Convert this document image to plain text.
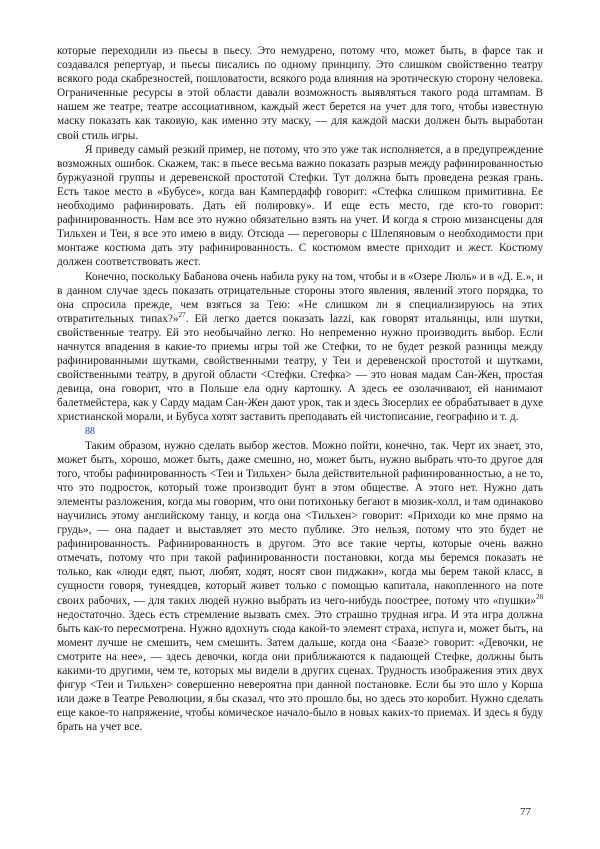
которые переходили из пьесы в пьесу. Это немудрено, потому что, может быть, в фарсе так и создавался репертуар, и пьесы писались по одному принципу. Это слишком свойственно театру всякого рода скабрезностей, пошловатости, всякого рода влияния на эротическую сторону человека. Ограниченные ресурсы в этой области давали возможность выявляться такого рода штампам. В нашем же театре, театре ассоциативном, каждый жест берется на учет для того, чтобы известную маску показать как таковую, как именно эту маску, — для каждой маски должен быть выработан свой стиль игры.

Я приведу самый резкий пример, не потому, что это уже так исполняется, а в предупреждение возможных ошибок. Скажем, так: в пьесе весьма важно показать разрыв между рафинированностью буржуазной группы и деревенской простотой Стефки. Тут должна быть проведена резкая грань. Есть такое место в «Бубусе», когда ван Кампердафф говорит: «Стефка слишком примитивна. Ее необходимо рафинировать. Дать ей полировку». И еще есть место, где кто-то говорит: рафинированность. Нам все это нужно обязательно взять на учет. И когда я строю мизансцены для Тильхен и Теи, я все это имею в виду. Отсюда — переговоры с Шлепяновым о необходимости при монтаже костюма дать эту рафинированность. С костюмом вместе приходит и жест. Костюму должен соответствовать жест.

Конечно, поскольку Бабанова очень набила руку на том, чтобы и в «Озере Люль» и в «Д. Е.», и в данном случае здесь показать отрицательные стороны этого явления, явлений этого порядка, то она спросила прежде, чем взяться за Тею: «Не слишком ли я специализируюсь на этих отвратительных типах?»$^{27}$. Ей легко дается показать lazzi, как говорят итальянцы, или шутки, свойственные театру. Ей это необычайно легко. Но непременно нужно производить выбор. Если начнутся впадения в какие-то приемы игры той же Стефки, то не будет резкой разницы между рафинированными шутками, свойственными театру, у Теи и деревенской простотой и шутками, свойственными театру, в другой области <Стефки. Стефка> — это новая мадам Сан-Жен, простая девица, она говорит, что в Польше ела одну картошку. А здесь ее озолачивают, ей нанимают балетмейстера, как у Сарду мадам Сан-Жен дают урок, так и здесь Зюсерлих ее обрабатывает в духе христианской морали, и Бубуса хотят заставить преподавать ей чистописание, географию и т. д.

88

Таким образом, нужно сделать выбор жестов. Можно пойти, конечно, так. Черт их знает, это, может быть, хорошо, может быть, даже смешно, но, может быть, нужно выбрать что-то другое для того, чтобы рафинированность <Теи и Тильхен> была действительной рафинированностью, а не то, что это подросток, который тоже производит бунт в этом обществе. А этого нет. Нужно дать элементы разложения, когда мы говорим, что они потихоньку бегают в мюзик-холл, и там одинаково научились этому английскому танцу, и когда она <Тильхен> говорит: «Приходи ко мне прямо на грудь», — она падает и выставляет это место публике. Это нельзя, потому что это будет не рафинированность. Рафинированность в другом. Это все такие черты, которые очень важно отмечать, потому что при такой рафинированности постановки, когда мы беремся показать не только, как «люди едят, пьют, любят, ходят, носят свои пиджаки», когда мы берем такой класс, в сущности говоря, тунеядцев, который живет только с помощью капитала, накопленного на поте своих рабочих, — для таких людей нужно выбрать из чего-нибудь поострее, потому что «пушки»$^{28}$ недостаточно. Здесь есть стремление вызвать смех. Это страшно трудная игра. И эта игра должна быть как-то пересмотрена. Нужно вдохнуть сюда какой-то элемент страха, испуга и, может быть, на момент лучше не смешить, чем смешить. Затем дальше, когда она <Баазе> говорит: «Девочки, не смотрите на нее», — здесь девочки, когда они приближаются к падающей Стефке, должны быть какими-то другими, чем те, которых мы видели в других сценах. Трудность изображения этих двух фигур <Теи и Тильхен> совершенно невероятна при данной постановке. Если бы это шло у Корша или даже в Театре Революции, я бы сказал, что это прошло бы, но здесь это коробит. Нужно сделать еще какое-то напряжение, чтобы комическое начало-было в новых каких-то приемах. И здесь я буду брать на учет все.

77
